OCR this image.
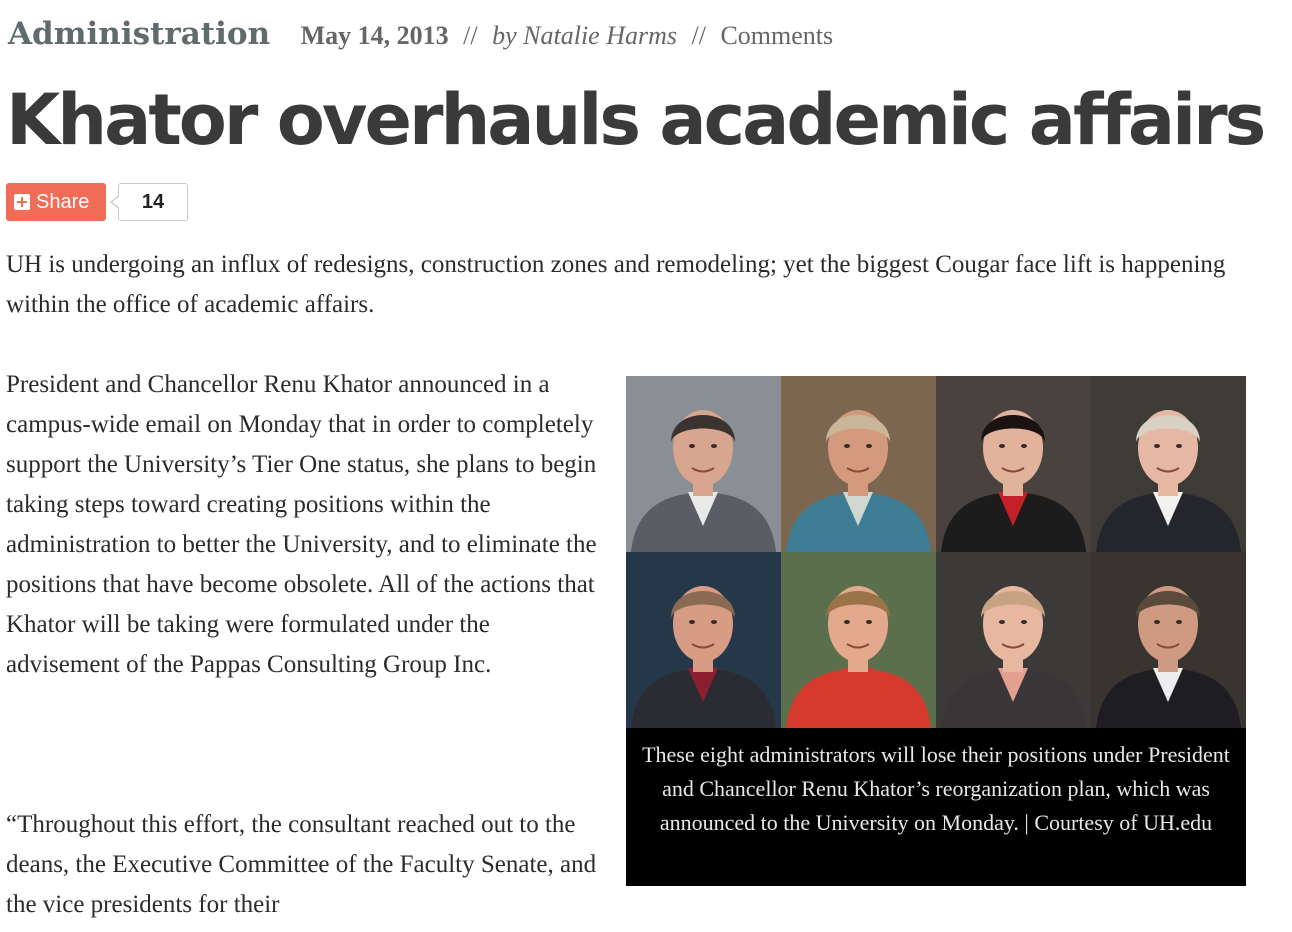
Administration May 14, 2013 // by Natalie Harms // Comments
Khator overhauls academic affairs
Share	14

UH is undergoing an influx of redesigns, construction zones and remodeling; yet the biggest Cougar face lift is happening within the office of academic affairs.

President and Chancellor Renu Khator announced in a campus-wide email on Monday that in order to completely support the University’s Tier One status, she plans to begin taking steps toward creating positions within the administration to better the University, and to eliminate the positions that have become obsolete. All of the actions that Khator will be taking were formulated under the advisement of the Pappas Consulting Group Inc.

“Throughout this effort, the consultant reached out to the deans, the Executive Committee of the Faculty Senate, and the vice presidents for their

These eight administrators will lose their positions under President and Chancellor Renu Khator’s reorganization plan, which was announced to the University on Monday. | Courtesy of UH.edu
